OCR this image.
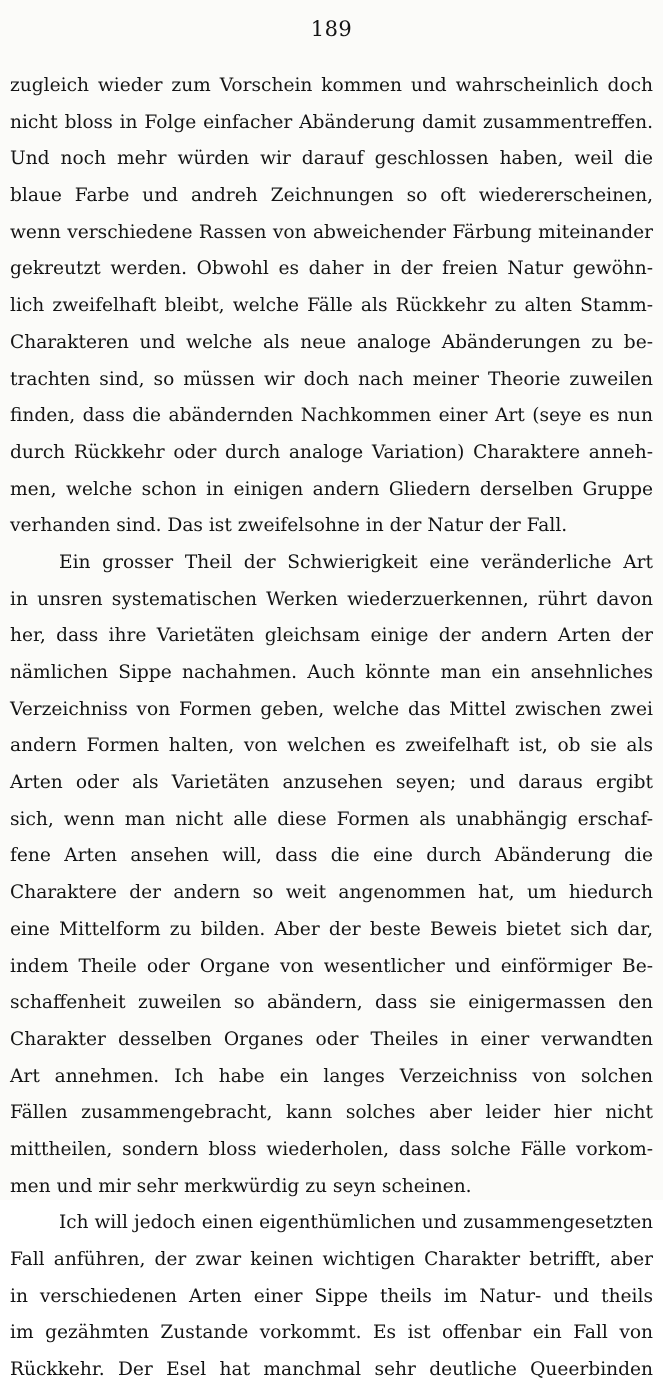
189
zugleich wieder zum Vorschein kommen und wahrscheinlich doch
nicht bloss in Folge einfacher Abänderung damit zusammentreffen.
Und noch mehr würden wir darauf geschlossen haben, weil die
blaue Farbe und andreh Zeichnungen so oft wiedererscheinen,
wenn verschiedene Rassen von abweichender Färbung miteinander
gekreutzt werden. Obwohl es daher in der freien Natur gewöhn-
lich zweifelhaft bleibt, welche Fälle als Rückkehr zu alten Stamm-
Charakteren und welche als neue analoge Abänderungen zu be-
trachten sind, so müssen wir doch nach meiner Theorie zuweilen
finden, dass die abändernden Nachkommen einer Art (seye es nun
durch Rückkehr oder durch analoge Variation) Charaktere anneh-
men, welche schon in einigen andern Gliedern derselben Gruppe
verhanden sind. Das ist zweifelsohne in der Natur der Fall.
Ein grosser Theil der Schwierigkeit eine veränderliche Art
in unsren systematischen Werken wiederzuerkennen, rührt davon
her, dass ihre Varietäten gleichsam einige der andern Arten der
nämlichen Sippe nachahmen. Auch könnte man ein ansehnliches
Verzeichniss von Formen geben, welche das Mittel zwischen zwei
andern Formen halten, von welchen es zweifelhaft ist, ob sie als
Arten oder als Varietäten anzusehen seyen; und daraus ergibt
sich, wenn man nicht alle diese Formen als unabhängig erschaf-
fene Arten ansehen will, dass die eine durch Abänderung die
Charaktere der andern so weit angenommen hat, um hiedurch
eine Mittelform zu bilden. Aber der beste Beweis bietet sich dar,
indem Theile oder Organe von wesentlicher und einförmiger Be-
schaffenheit zuweilen so abändern, dass sie einigermassen den
Charakter desselben Organes oder Theiles in einer verwandten
Art annehmen. Ich habe ein langes Verzeichniss von solchen
Fällen zusammengebracht, kann solches aber leider hier nicht
mittheilen, sondern bloss wiederholen, dass solche Fälle vorkom-
men und mir sehr merkwürdig zu seyn scheinen.
Ich will jedoch einen eigenthümlichen und zusammengesetzten
Fall anführen, der zwar keinen wichtigen Charakter betrifft, aber
in verschiedenen Arten einer Sippe theils im Natur- und theils
im gezähmten Zustande vorkommt. Es ist offenbar ein Fall von
Rückkehr. Der Esel hat manchmal sehr deutliche Queerbinden
